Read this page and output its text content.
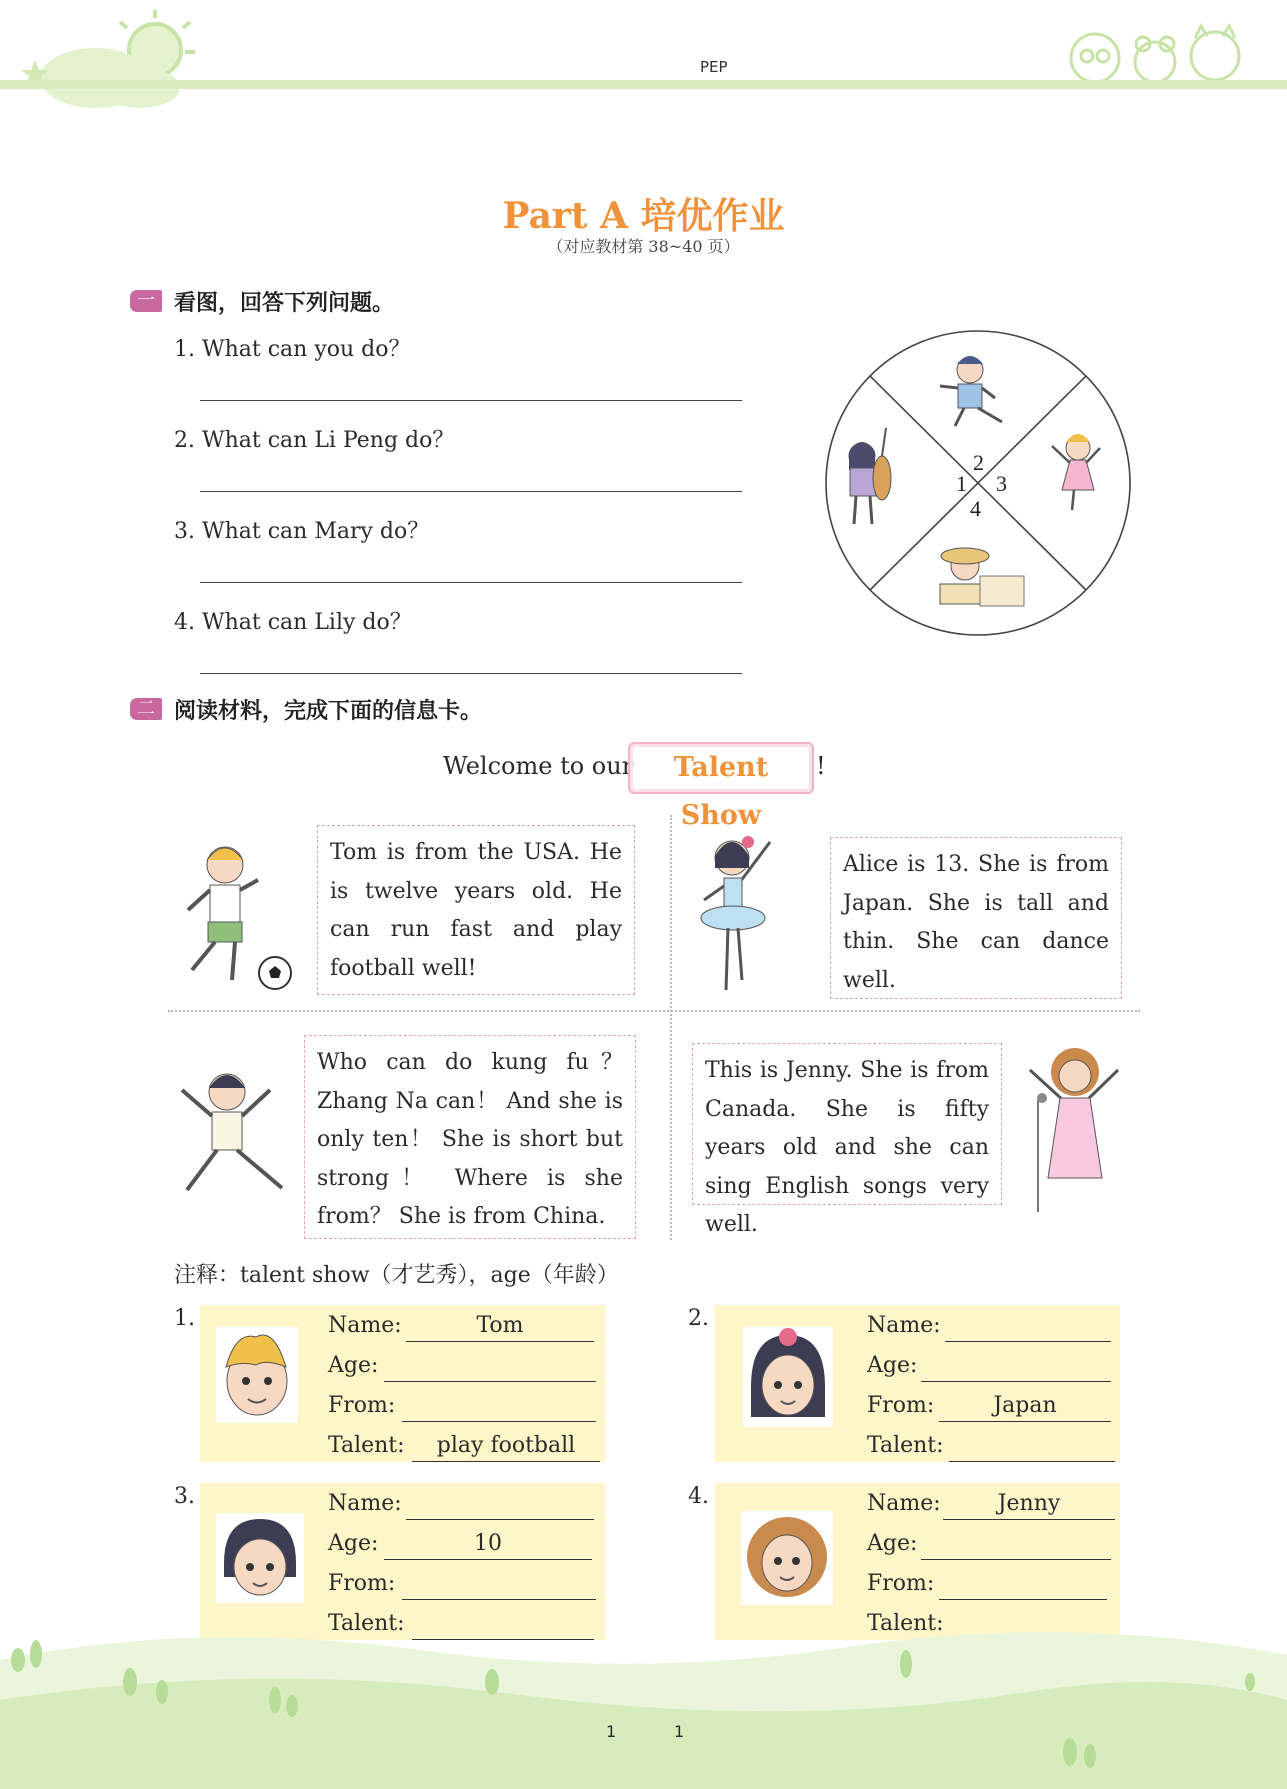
PEP
Part A 培优作业
（对应教材第 38~40 页）
一 看图，回答下列问题。
1. What can you do？
2. What can Li Peng do？
3. What can Mary do？
4. What can Lily do？
1
2
3
4
二 阅读材料，完成下面的信息卡。
Welcome to our	Talent Show
!

Tom is from the USA. He is twelve years old. He can run fast and play football well!

Alice is 13. She is from Japan. She is tall and thin. She can dance well.

Who can do kung fu？ Zhang Na can！ And she is only ten！ She is short but strong！ Where is she from？ She is from China.

This is Jenny. She is from Canada. She is fifty years old and she can sing English songs very well.

注释：talent show（才艺秀），age（年龄）
1.	Name:	Tom
Age:
From:
Talent:	play football
2.	Name:
Age:
From:	Japan
Talent:
3.	Name:
Age:	10
From:
Talent:
4.	Name:	Jenny
Age:
From:
Talent:
1	1
